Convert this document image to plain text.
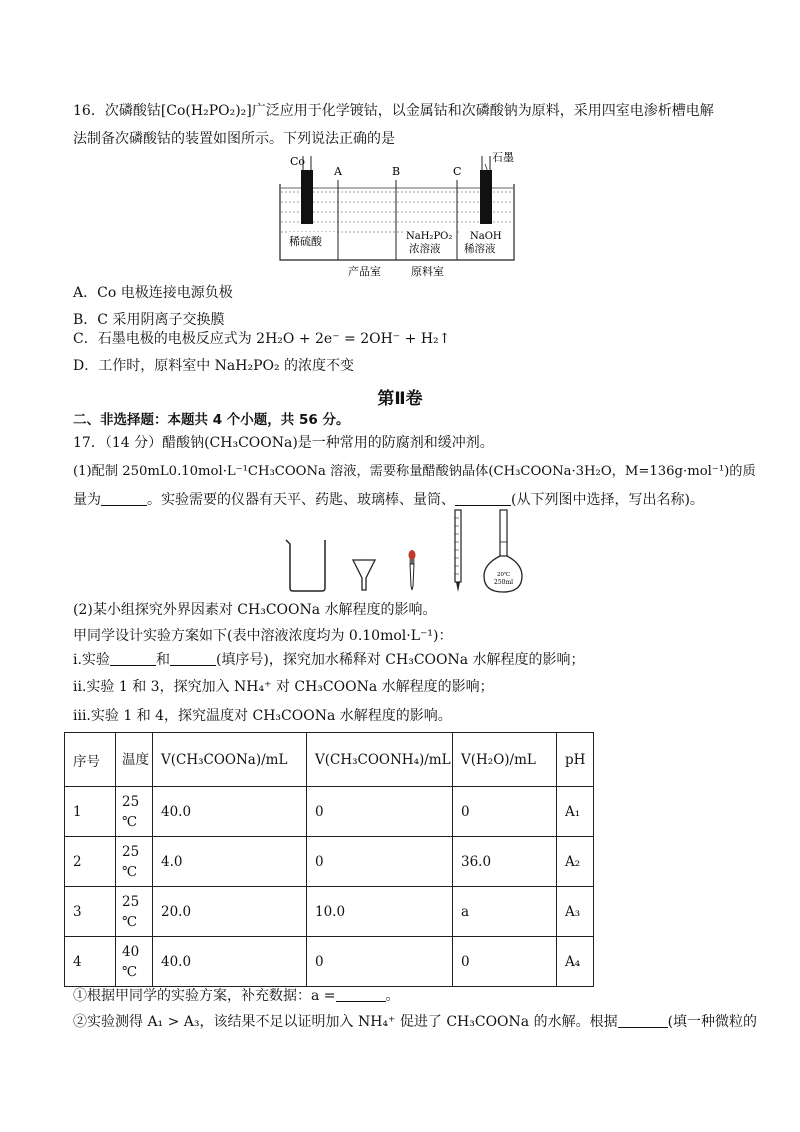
16．次磷酸钴[Co(H₂PO₂)₂]广泛应用于化学镀钴，以金属钴和次磷酸钠为原料，采用四室电渗析槽电解
法制备次磷酸钴的装置如图所示。下列说法正确的是
Co
A	B	C
石墨
稀硫酸	NaH₂PO₂
浓溶液
NaOH
稀溶液
产品室	原料室
A．Co 电极连接电源负极
B．C 采用阴离子交换膜
C．石墨电极的电极反应式为 2H₂O + 2e⁻ = 2OH⁻ + H₂↑
D．工作时，原料室中 NaH₂PO₂ 的浓度不变
第Ⅱ卷
二、非选择题：本题共 4 个小题，共 56 分。
17．（14 分）醋酸钠(CH₃COONa)是一种常用的防腐剂和缓冲剂。
(1)配制 250mL0.10mol·L⁻¹CH₃COONa 溶液，需要称量醋酸钠晶体(CH₃COONa·3H₂O，M=136g·mol⁻¹)的质
量为	。实验需要的仪器有天平、药匙、玻璃棒、量筒、	(从下列图中选择，写出名称)。
20℃
250ml
(2)某小组探究外界因素对 CH₃COONa 水解程度的影响。
甲同学设计实验方案如下(表中溶液浓度均为 0.10mol·L⁻¹)：
i.实验	和	(填序号)，探究加水稀释对 CH₃COONa 水解程度的影响；
ii.实验 1 和 3，探究加入 NH₄⁺ 对 CH₃COONa 水解程度的影响；
iii.实验 1 和 4，探究温度对 CH₃COONa 水解程度的影响。
序号	温度	V(CH₃COONa)/mL	V(CH₃COONH₄)/mL	V(H₂O)/mL	pH
1	25 ℃	40.0	0	0	A₁
2	25 ℃	4.0	0	36.0	A₂
3	25 ℃	20.0	10.0	a	A₃
4	40 ℃	40.0	0	0	A₄
①根据甲同学的实验方案，补充数据：a =	。
②实验测得 A₁ > A₃，该结果不足以证明加入 NH₄⁺ 促进了 CH₃COONa 的水解。根据	(填一种微粒的
